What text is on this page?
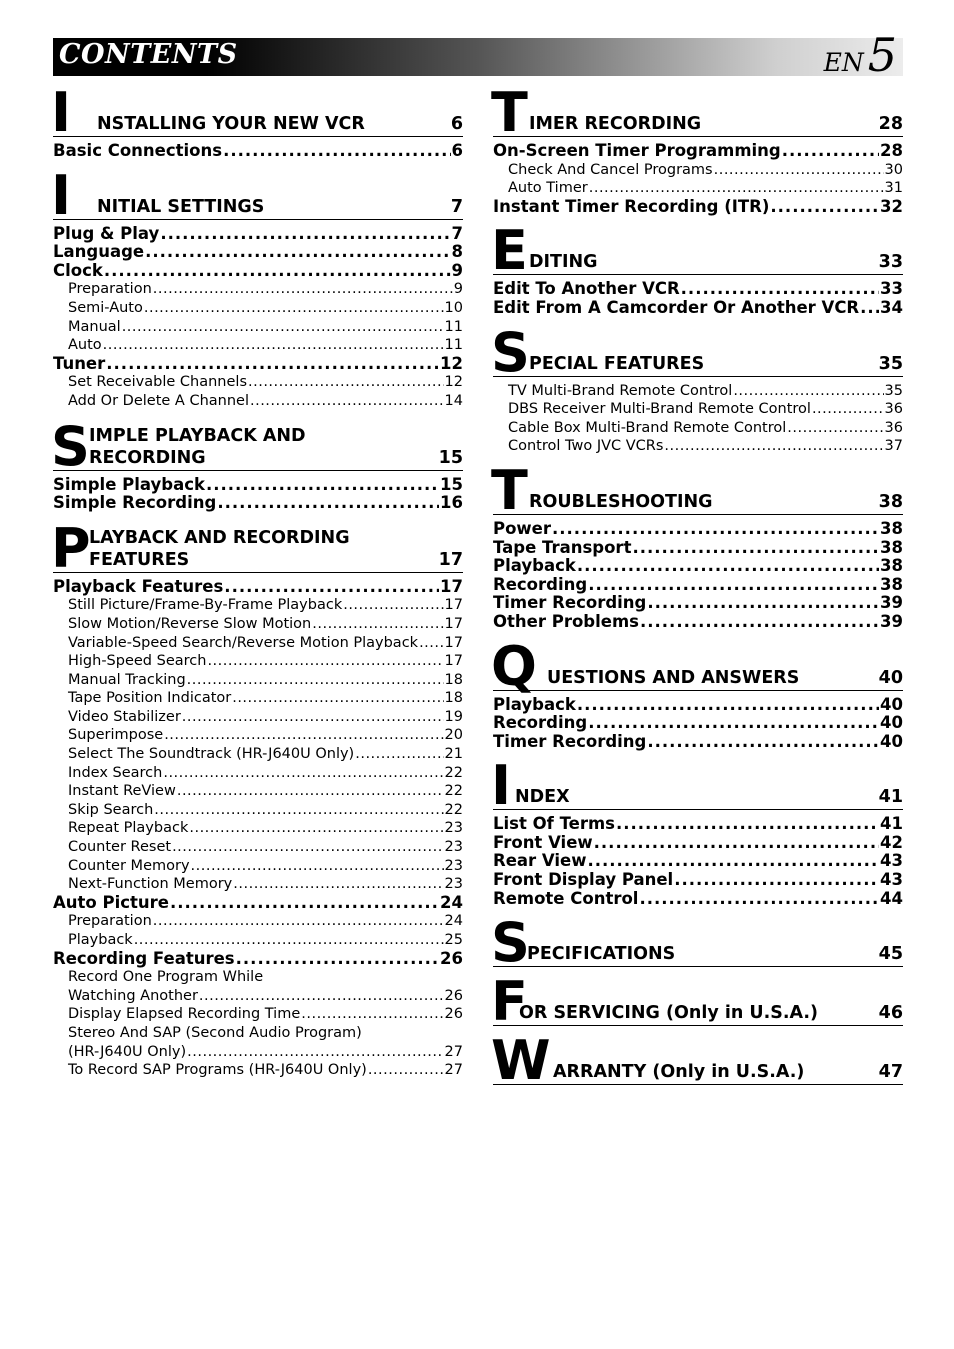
CONTENTS	EN5
I NSTALLING YOUR NEW VCR	6
Basic Connections .....	6
I NITIAL SETTINGS	7
Plug & Play .....	7
Language .....	8
Clock .....	9
Preparation .....	9
Semi-Auto .....	10
Manual .....	11
Auto .....	11
Tuner .....	12
Set Receivable Channels .....	12
Add Or Delete A Channel .....	14
S IMPLE PLAYBACK AND
RECORDING	15
Simple Playback .....	15
Simple Recording .....	16
P
LAYBACK AND RECORDING
FEATURES	17
Playback Features .....	17
Still Picture/Frame-By-Frame Playback .....	17
Slow Motion/Reverse Slow Motion .....	17
Variable-Speed Search/Reverse Motion Playback ..... 17
High-Speed Search .....	17
Manual Tracking .....	18
Tape Position Indicator .....	18
Video Stabilizer .....	19
Superimpose .....	20
Select The Soundtrack (HR-J640U Only) .....	21
Index Search .....	22
Instant ReView .....	22
Skip Search .....	22
Repeat Playback .....	23
Counter Reset .....	23
Counter Memory .....	23
Next-Function Memory .....	23
Auto Picture .....	24
Preparation .....	24
Playback .....	25
Recording Features .....	26
Record One Program While
Watching Another .....	26
Display Elapsed Recording Time .....	26
Stereo And SAP (Second Audio Program)
(HR-J640U Only) .....	27
To Record SAP Programs (HR-J640U Only) .....	27
T IMER RECORDING	28
On-Screen Timer Programming .....	28
Check And Cancel Programs .....	30
Auto Timer .....	31
Instant Timer Recording (ITR) .....	32
E DITING	33
Edit To Another VCR .....	33
Edit From A Camcorder Or Another VCR ..... 34
S PECIAL FEATURES	35
TV Multi-Brand Remote Control .....	35
DBS Receiver Multi-Brand Remote Control .....	36
Cable Box Multi-Brand Remote Control .....	36
Control Two JVC VCRs .....	37
T ROUBLESHOOTING	38
Power .....	38
Tape Transport .....	38
Playback .....	38
Recording .....	38
Timer Recording .....	39
Other Problems .....	39
Q UESTIONS AND ANSWERS	40
Playback .....	40
Recording .....	40
Timer Recording .....	40
I NDEX	41
List Of Terms .....	41
Front View .....	42
Rear View .....	43
Front Display Panel .....	43
Remote Control .....	44
S
PECIFICATIONS	45
F
OR SERVICING (Only in U.S.A.)	46
W ARRANTY (Only in U.S.A.)	47
